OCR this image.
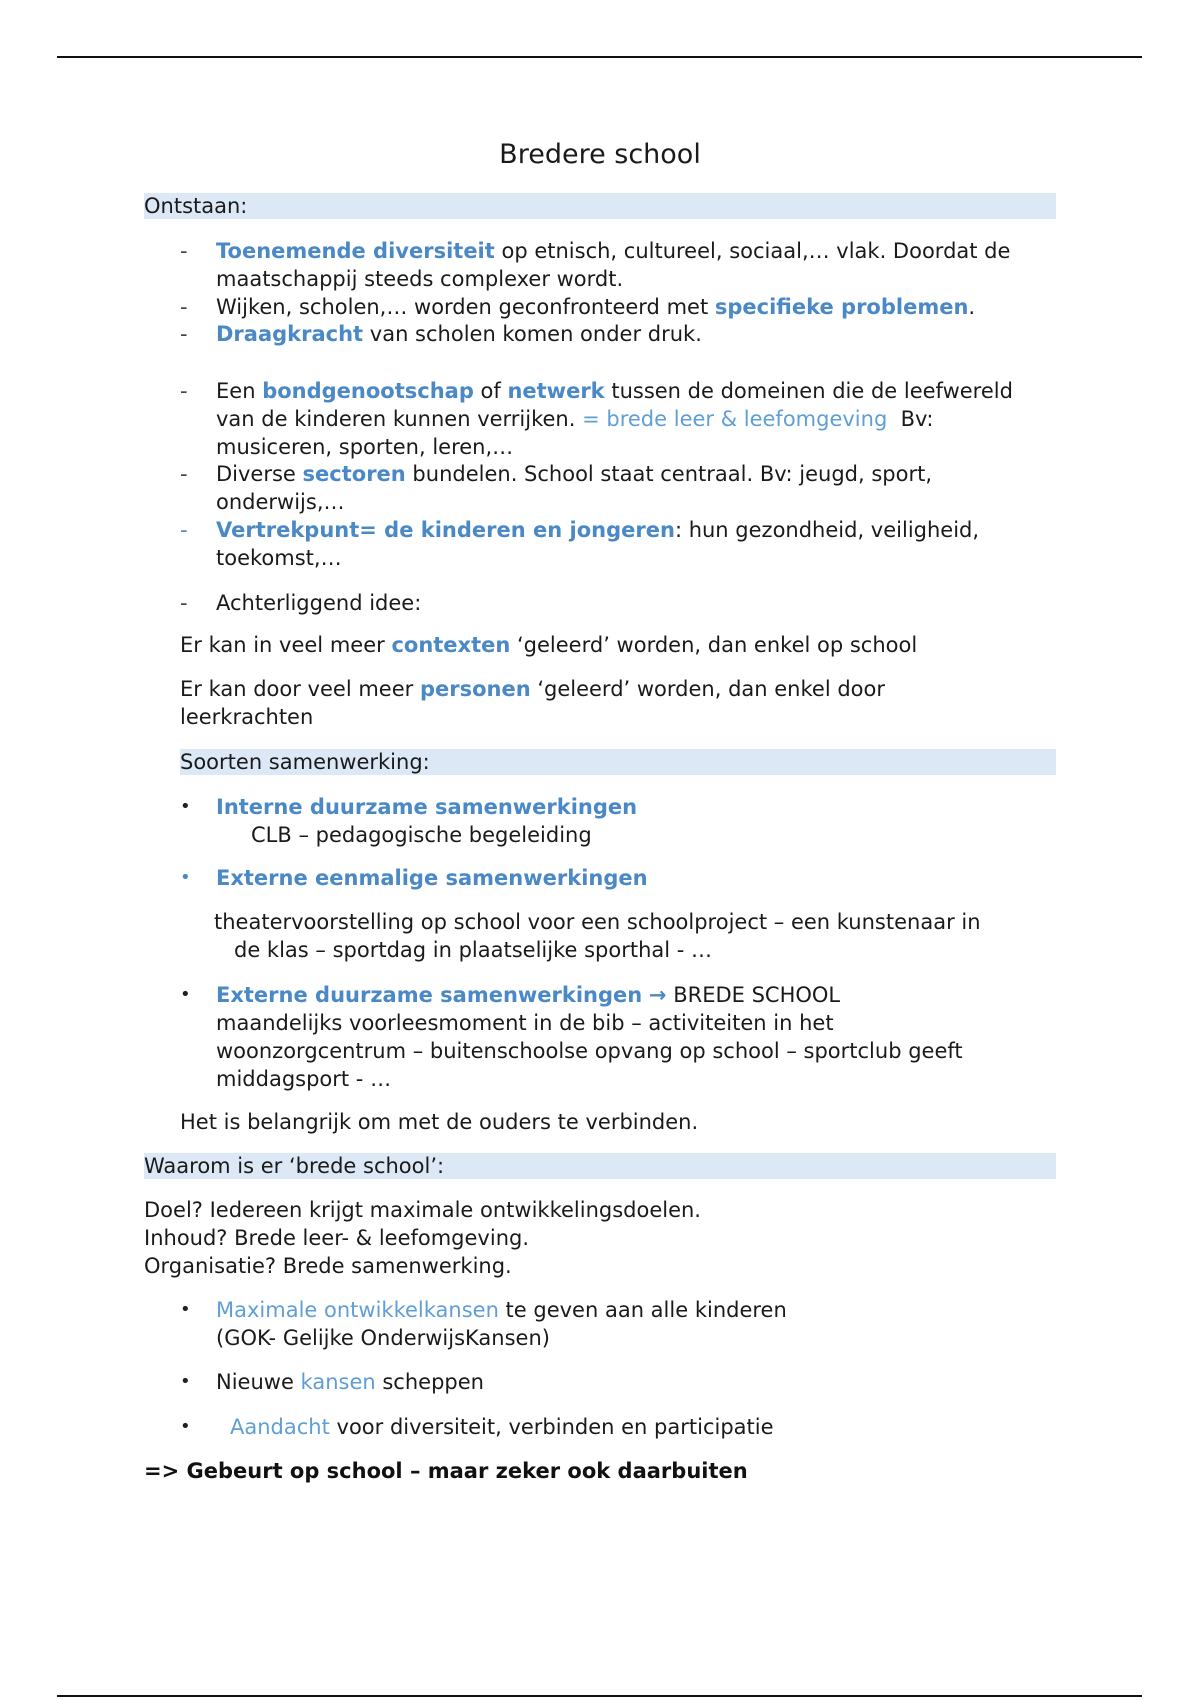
Bredere school
Ontstaan:
-	Toenemende diversiteit op etnisch, cultureel, sociaal,… vlak. Doordat de
maatschappij steeds complexer wordt.
-	Wijken, scholen,… worden geconfronteerd met specifieke problemen.
-	Draagkracht van scholen komen onder druk.
-	Een bondgenootschap of netwerk tussen de domeinen die de leefwereld
van de kinderen kunnen verrijken. = brede leer & leefomgeving  Bv:
musiceren, sporten, leren,…
-	Diverse sectoren bundelen. School staat centraal. Bv: jeugd, sport,
onderwijs,…
-	Vertrekpunt= de kinderen en jongeren: hun gezondheid, veiligheid,
toekomst,…
-	Achterliggend idee:
Er kan in veel meer contexten ‘geleerd’ worden, dan enkel op school
Er kan door veel meer personen ‘geleerd’ worden, dan enkel door
leerkrachten
Soorten samenwerking:
•	Interne duurzame samenwerkingen
CLB – pedagogische begeleiding
•	Externe eenmalige samenwerkingen
theatervoorstelling op school voor een schoolproject – een kunstenaar in
de klas – sportdag in plaatselijke sporthal - …
•	Externe duurzame samenwerkingen → BREDE SCHOOL
maandelijks voorleesmoment in de bib – activiteiten in het
woonzorgcentrum – buitenschoolse opvang op school – sportclub geeft
middagsport - …
Het is belangrijk om met de ouders te verbinden.
Waarom is er ‘brede school’:
Doel? Iedereen krijgt maximale ontwikkelingsdoelen.
Inhoud? Brede leer- & leefomgeving.
Organisatie? Brede samenwerking.
•	Maximale ontwikkelkansen te geven aan alle kinderen
(GOK- Gelijke OnderwijsKansen)
•	Nieuwe kansen scheppen
•	Aandacht voor diversiteit, verbinden en participatie
=> Gebeurt op school – maar zeker ook daarbuiten
